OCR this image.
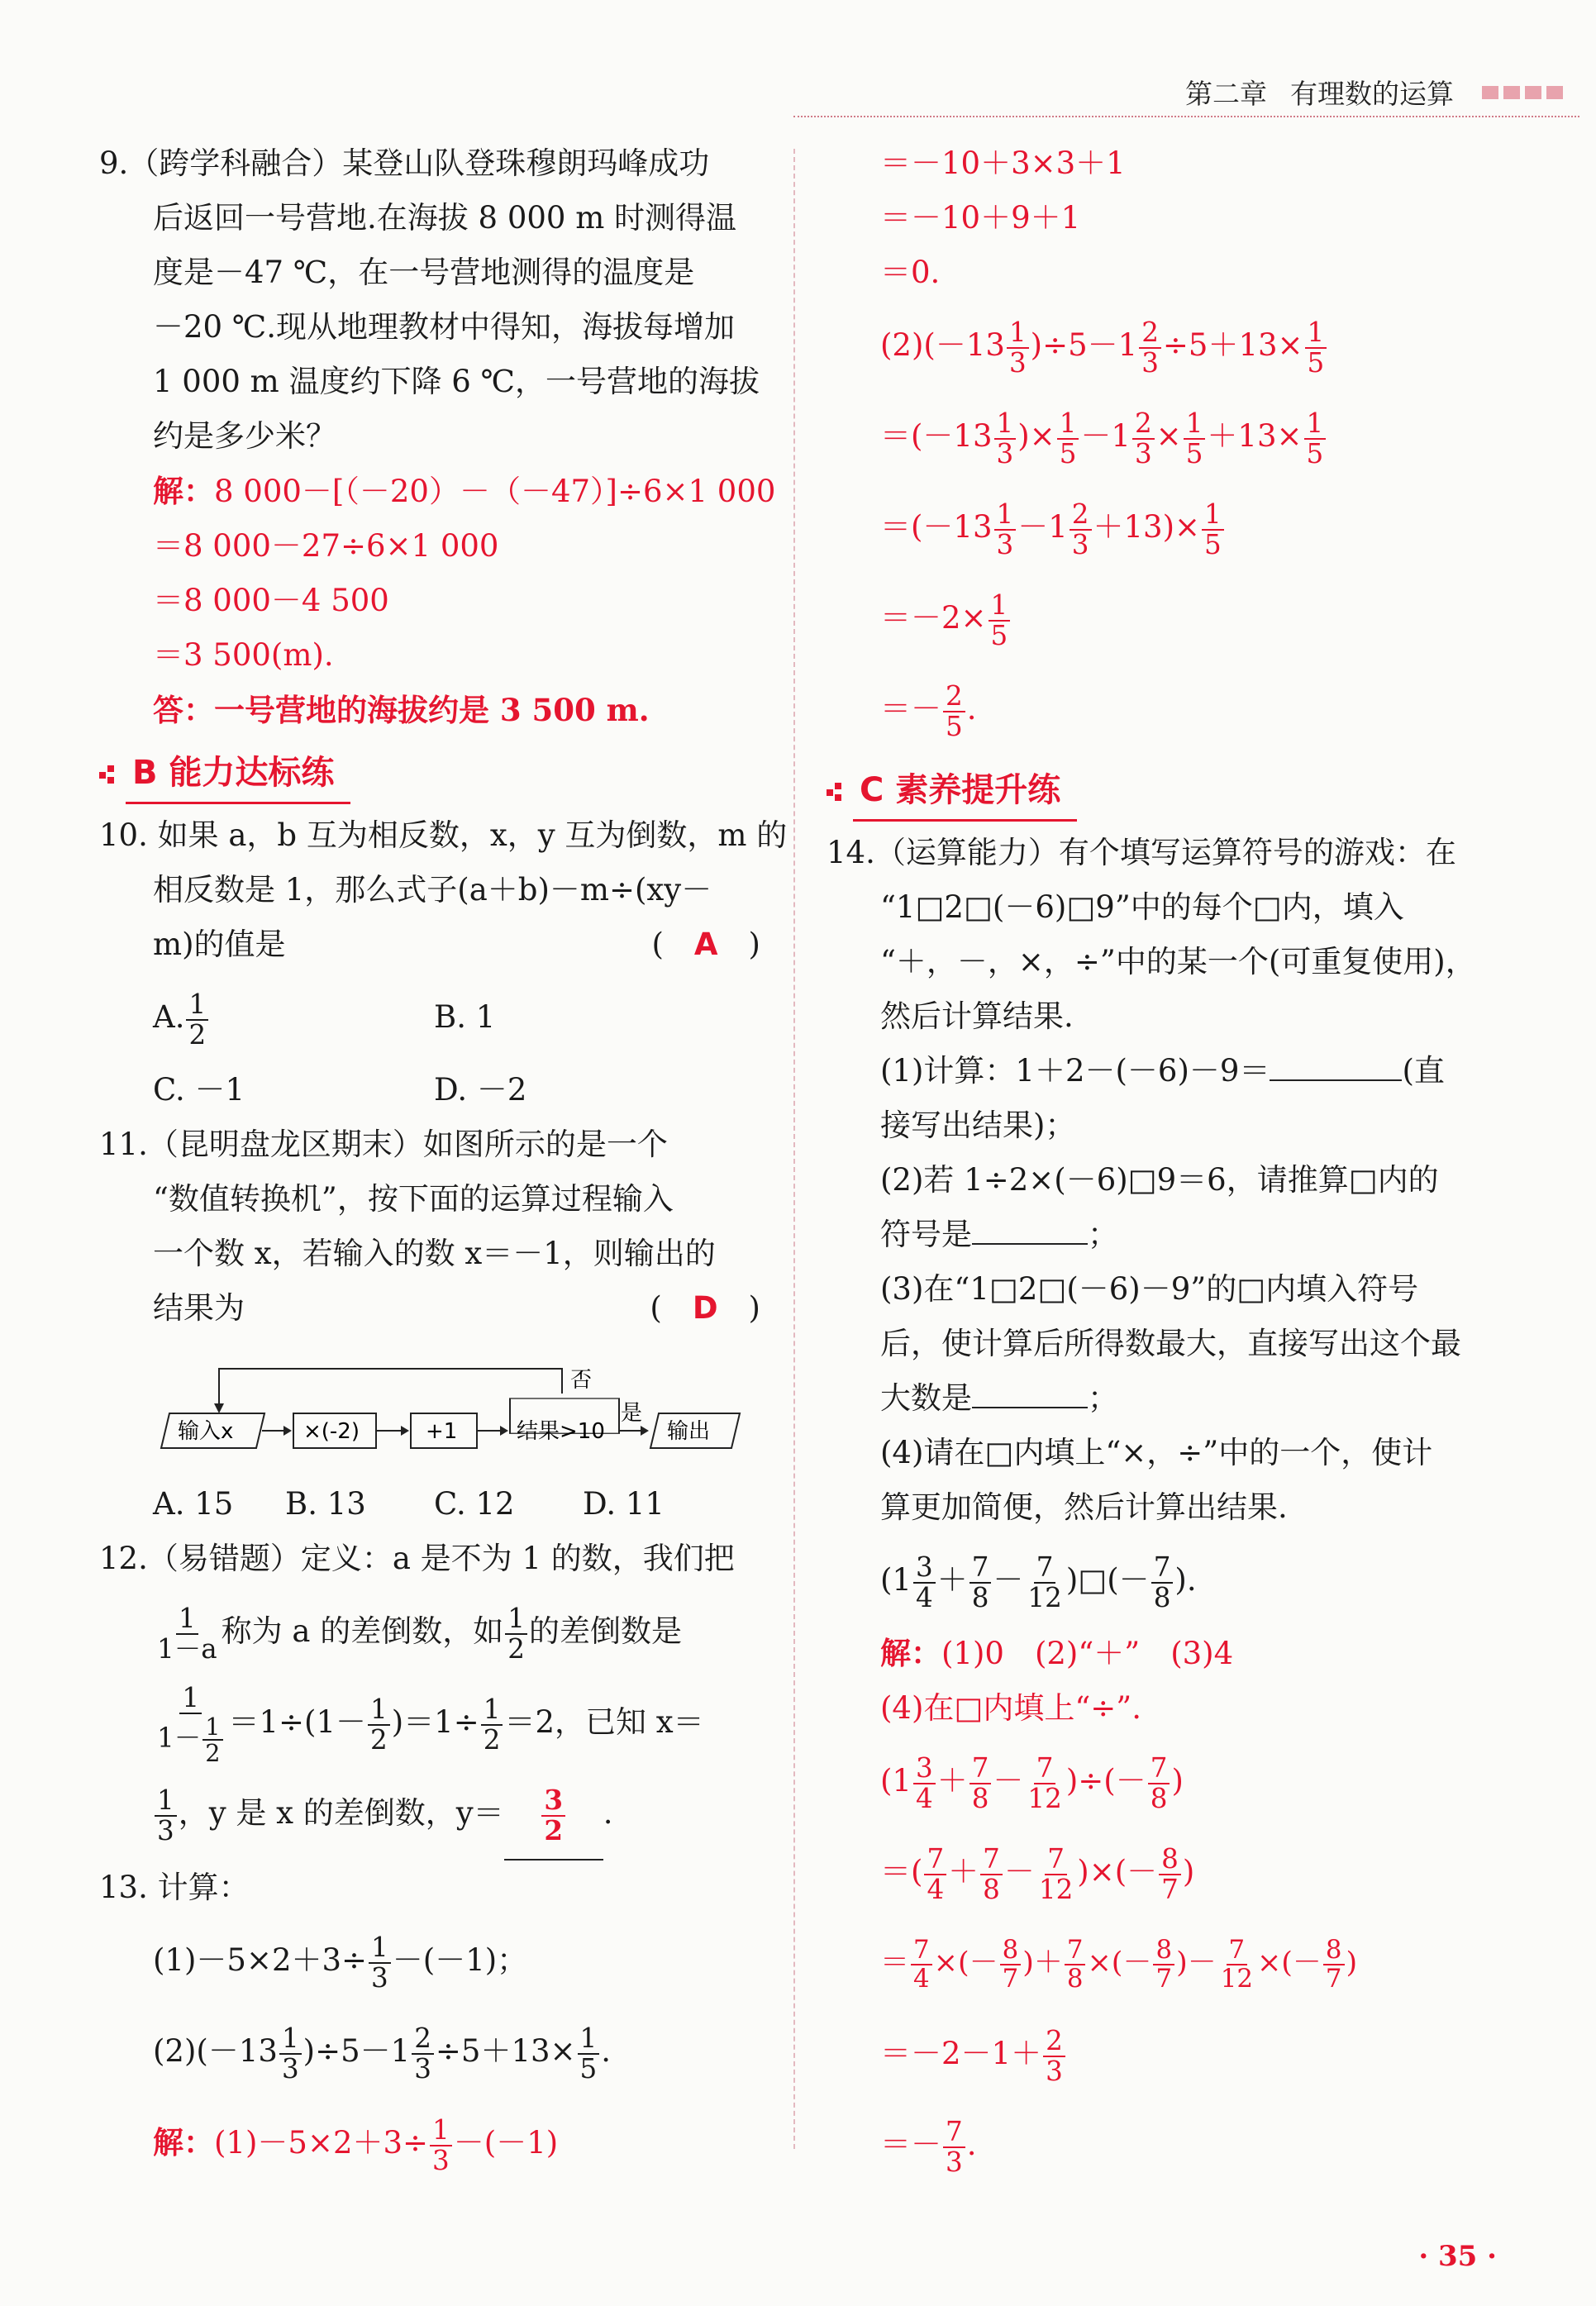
第二章 有理数的运算
9.（跨学科融合）某登山队登珠穆朗玛峰成功
后返回一号营地.在海拔 8 000 m 时测得温
度是－47 ℃，在一号营地测得的温度是
－20 ℃.现从地理教材中得知，海拔每增加
1 000 m 温度约下降 6 ℃，一号营地的海拔
约是多少米？
解：8 000－[（－20）－（－47）]÷6×1 000
＝8 000－27÷6×1 000
＝8 000－4 500
＝3 500(m).
答：一号营地的海拔约是 3 500 m.
B 能力达标练
10. 如果 a，b 互为相反数，x，y 互为倒数，m 的
相反数是 1，那么式子(a＋b)－m÷(xy－
m)的值是	(　A　)
A. $\frac{1}{2}$	B. 1
C. －1	D. －2
11.（昆明盘龙区期末）如图所示的是一个
“数值转换机”，按下面的运算过程输入
一个数 x，若输入的数 x＝－1，则输出的
结果为	(　D　)
否
输入x	×(-2)	+1	结果>10
是
输出
A. 15	B. 13	C. 12	D. 11
12.（易错题）定义：a 是不为 1 的数，我们把
$\frac{1}{1-a}$ 称为 a 的差倒数，如 $\frac{1}{2}$ 的差倒数是
$\frac{1}{1- \frac{1}{2}} =1\div(1- \frac{1}{2} )=1\div \frac{1}{2} =2$，已知 x＝
$\frac{1}{3}$ ，y 是 x 的差倒数，$y= \frac{3}{2}$ .
13. 计算：
$(1)-5\times 2+3\div \frac{1}{3} -(-1)$；
$(2)(-13 \frac{1}{3} )\div 5-1 \frac{2}{3} \div 5+13\times \frac{1}{5}$ .
解：$(1)-5\times 2+3\div \frac{1}{3} -(-1)$
＝－10＋3×3＋1
＝－10＋9＋1
＝0.
$(2)(-13 \frac{1}{3} )\div 5-1 \frac{2}{3} \div 5+13\times \frac{1}{5}$
$=(-13 \frac{1}{3}$ )× $\frac{1}{5} -1 \frac{2}{3} \times \frac{1}{5} +13\times \frac{1}{5}$
$=(-13 \frac{1}{3} -1 \frac{2}{3} +13)\times \frac{1}{5}$
$=-2\times \frac{1}{5}$
＝－ $\frac{2}{5}$ .
C 素养提升练
14.（运算能力）有个填写运算符号的游戏：在
“1□2□(－6)□9”中的每个□内，填入
“＋，－，×，÷”中的某一个(可重复使用)，
然后计算结果.
(1)计算：1＋2－(－6)－9＝	(直
接写出结果)；
(2)若 1÷2×(－6)□9＝6，请推算□内的
符号是	；
(3)在“1□2□(－6)－9”的□内填入符号
后，使计算后所得数最大，直接写出这个最
大数是	；
(4)请在□内填上“×，÷”中的一个，使计
算更加简便，然后计算出结果.
($1 \frac{3}{4} + \frac{7}{8} - \frac{7}{12}$ )□(－ $\frac{7}{8}$ ).
解：(1)0　(2)“＋”　(3)4
(4)在□内填上“÷”.
($1 \frac{3}{4} + \frac{7}{8} - \frac{7}{12}$ )÷(－ $\frac{7}{8}$ )
＝( $\frac{7}{4} + \frac{7}{8} - \frac{7}{12}$ )×(－ $\frac{8}{7}$ )
＝ $\frac{7}{4}$ ×(－ $\frac{8}{7}$ )＋ $\frac{7}{8}$ ×(－ $\frac{8}{7}$ )－ $\frac{7}{12}$ ×(－ $\frac{8}{7}$ )
$=-2-1+ \frac{2}{3}$
＝－ $\frac{7}{3}$ .
· 35 ·
